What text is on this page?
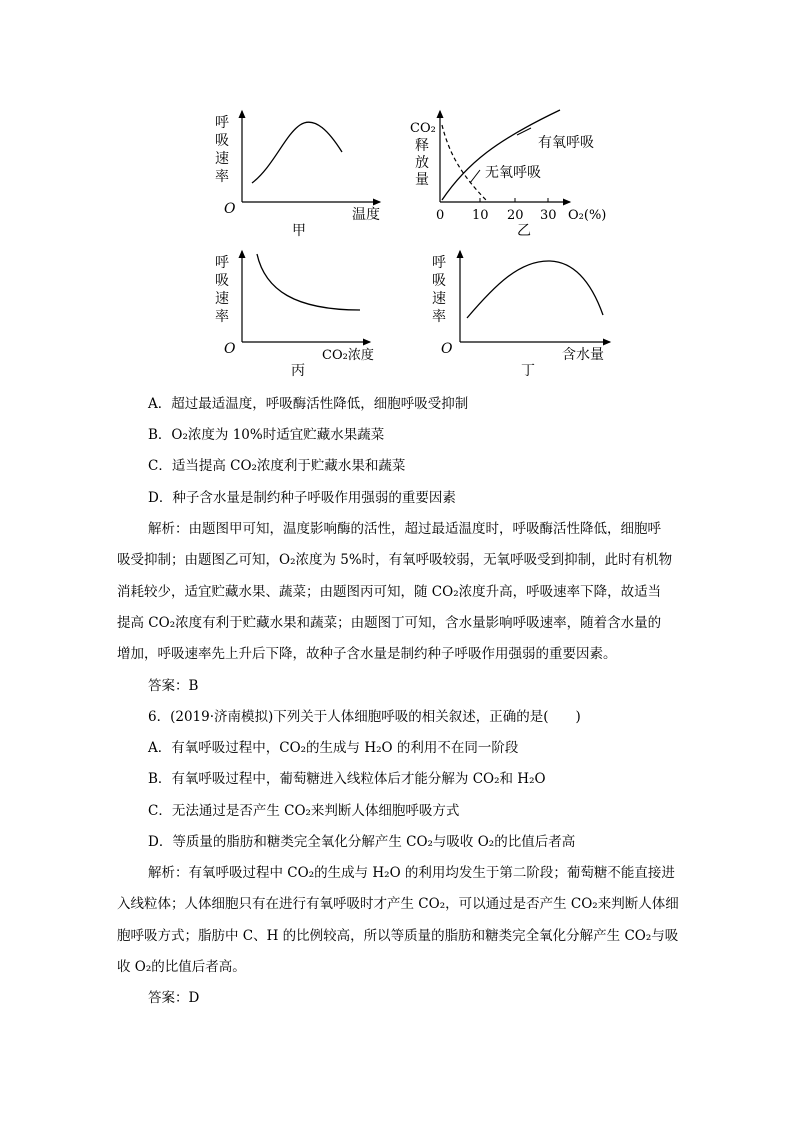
呼
吸
速
率
O	温度
甲
CO₂
释
放
量
0 10 20 30 O₂(%)
乙
有氧呼吸
无氧呼吸
呼
吸
速
率
O	CO₂浓度
丙
呼
吸
速
率
O	含水量
丁
A．超过最适温度，呼吸酶活性降低，细胞呼吸受抑制
B．O₂浓度为 10%时适宜贮藏水果蔬菜
C．适当提高 CO₂浓度利于贮藏水果和蔬菜
D．种子含水量是制约种子呼吸作用强弱的重要因素
解析：由题图甲可知，温度影响酶的活性，超过最适温度时，呼吸酶活性降低，细胞呼
吸受抑制；由题图乙可知，O₂浓度为 5%时，有氧呼吸较弱，无氧呼吸受到抑制，此时有机物
消耗较少，适宜贮藏水果、蔬菜；由题图丙可知，随 CO₂浓度升高，呼吸速率下降，故适当
提高 CO₂浓度有利于贮藏水果和蔬菜；由题图丁可知，含水量影响呼吸速率，随着含水量的
增加，呼吸速率先上升后下降，故种子含水量是制约种子呼吸作用强弱的重要因素。
答案：B
6．(2019·济南模拟)下列关于人体细胞呼吸的相关叙述，正确的是(　　)
A．有氧呼吸过程中，CO₂的生成与 H₂O 的利用不在同一阶段
B．有氧呼吸过程中，葡萄糖进入线粒体后才能分解为 CO₂和 H₂O
C．无法通过是否产生 CO₂来判断人体细胞呼吸方式
D．等质量的脂肪和糖类完全氧化分解产生 CO₂与吸收 O₂的比值后者高
解析：有氧呼吸过程中 CO₂的生成与 H₂O 的利用均发生于第二阶段；葡萄糖不能直接进
入线粒体；人体细胞只有在进行有氧呼吸时才产生 CO₂，可以通过是否产生 CO₂来判断人体细
胞呼吸方式；脂肪中 C、H 的比例较高，所以等质量的脂肪和糖类完全氧化分解产生 CO₂与吸
收 O₂的比值后者高。
答案：D
